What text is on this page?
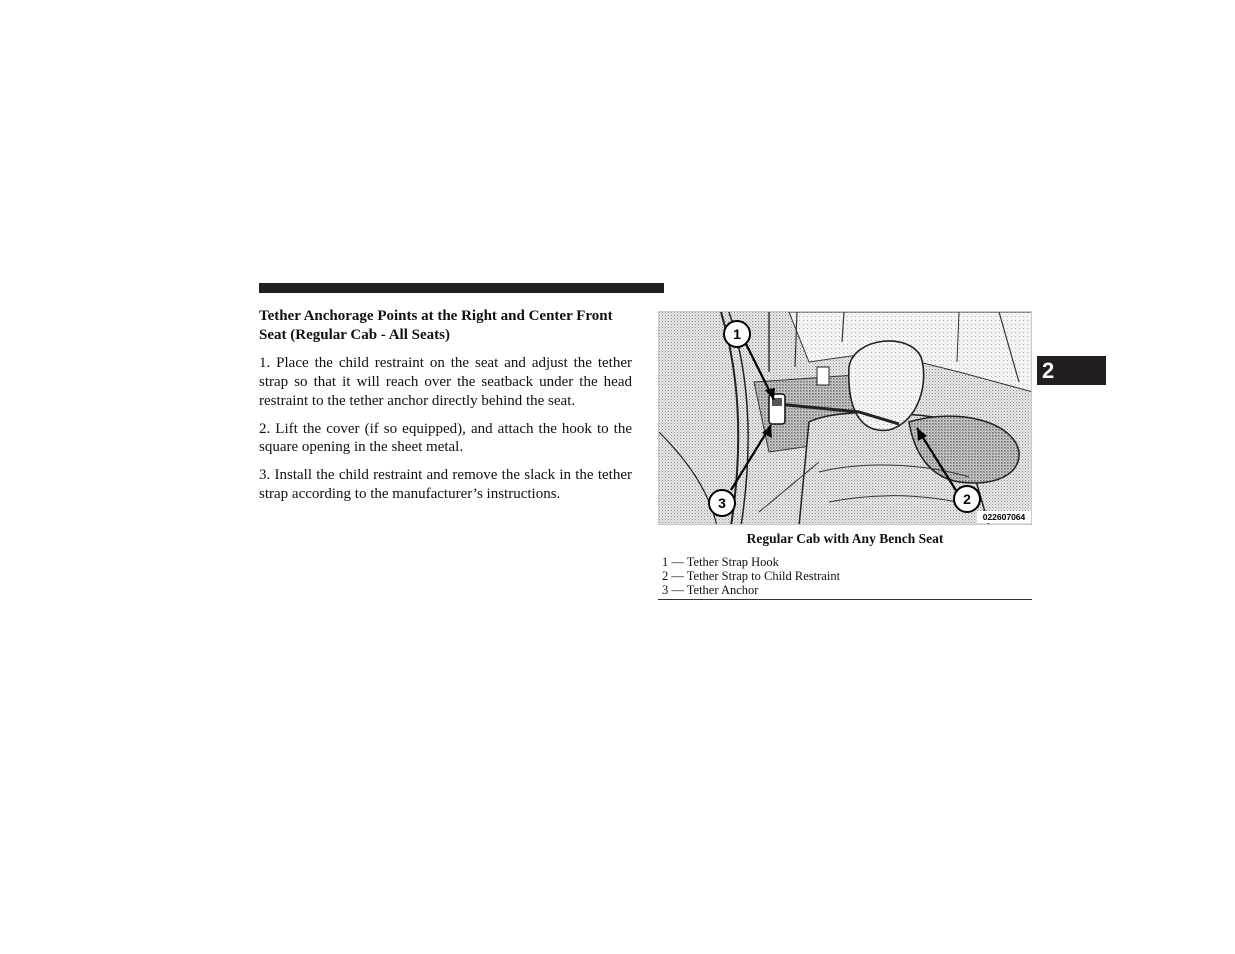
Tether Anchorage Points at the Right and Center Front Seat (Regular Cab - All Seats)

1. Place the child restraint on the seat and adjust the tether strap so that it will reach over the seatback under the head restraint to the tether anchor directly behind the seat.

2. Lift the cover (if so equipped), and attach the hook to the square opening in the sheet metal.

3. Install the child restraint and remove the slack in the tether strap according to the manufacturer’s instructions.

1
3	2
022607064
Regular Cab with Any Bench Seat
1 — Tether Strap Hook
2 — Tether Strap to Child Restraint
3 — Tether Anchor
2
